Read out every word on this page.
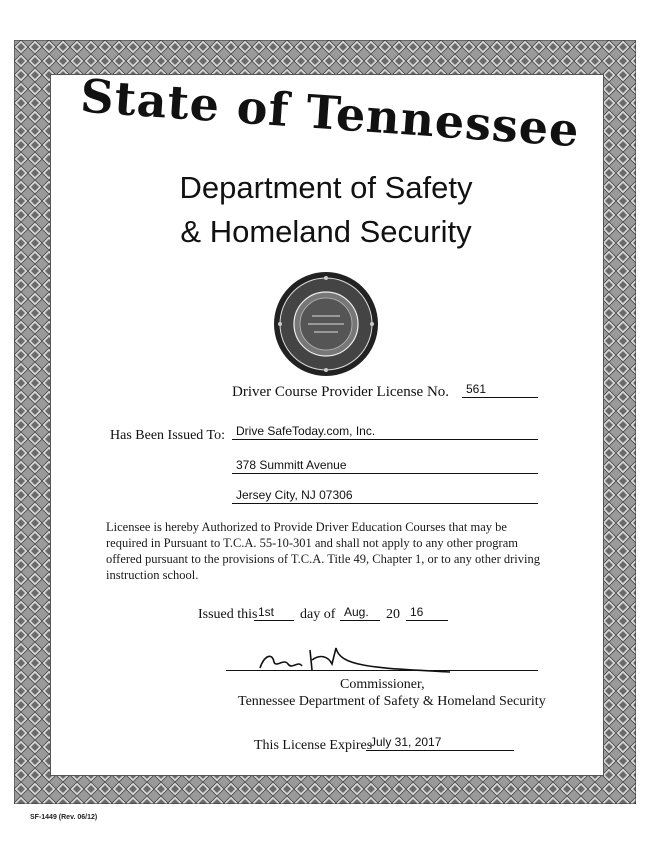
State of Tennessee
Department of Safety
& Homeland Security
Driver Course Provider License No.	561
Has Been Issued To: Drive SafeToday.com, Inc.
378 Summitt Avenue
Jersey City, NJ 07306
Licensee is hereby Authorized to Provide Driver Education Courses that may be required in Pursuant to T.C.A. 55-10-301 and shall not apply to any other program offered pursuant to the provisions of T.C.A. Title 49, Chapter 1, or to any other driving instruction school.
Issued this 1st	day of Aug.	20 16
Commissioner,
Tennessee Department of Safety & Homeland Security
This License Expires
July 31, 2017
SF-1449 (Rev. 06/12)
